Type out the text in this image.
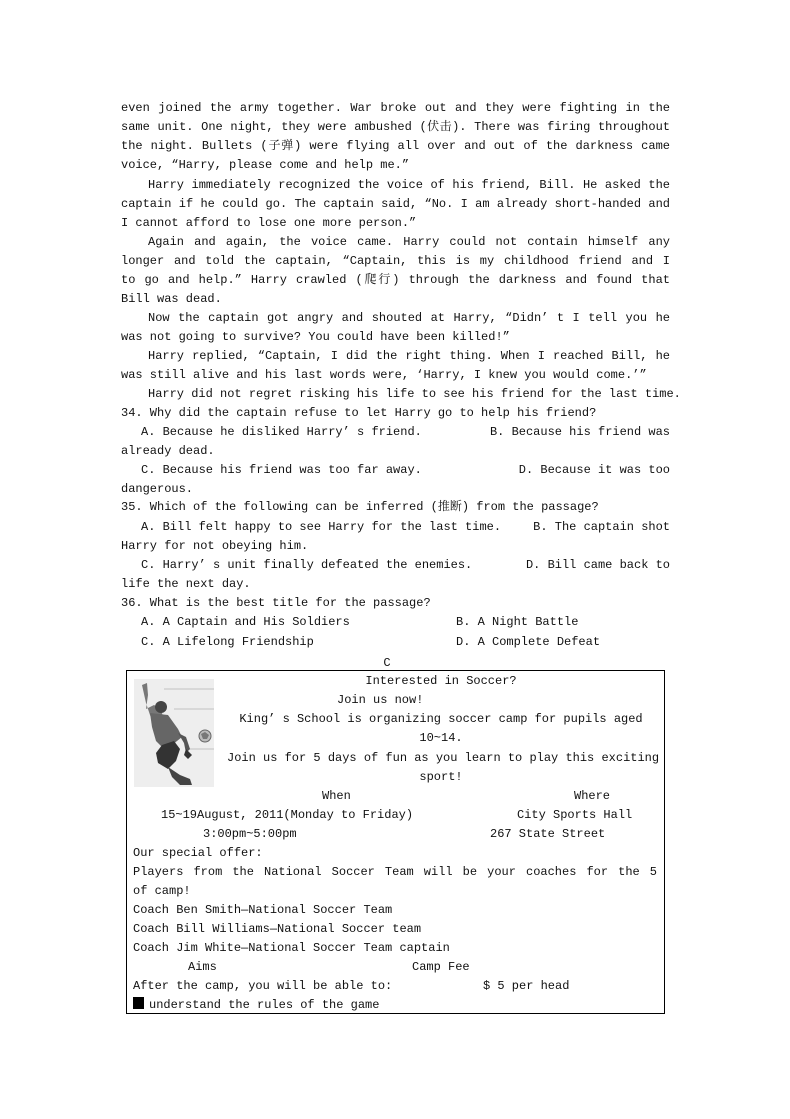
even joined the army together. War broke out and they were fighting in the
same unit. One night, they were ambushed (伏击). There was firing throughout
the night. Bullets (子弹) were flying all over and out of the darkness came
voice, “Harry, please come and help me.”
Harry immediately recognized the voice of his friend, Bill. He asked the
captain if he could go. The captain said, “No. I am already short-handed and
I cannot afford to lose one more person.”
Again and again, the voice came. Harry could not contain himself any
longer and told the captain, “Captain, this is my childhood friend and I
to go and help.” Harry crawled (爬行) through the darkness and found that
Bill was dead.
Now the captain got angry and shouted at Harry, “Didn’ t I tell you he
was not going to survive? You could have been killed!”
Harry replied, “Captain, I did the right thing. When I reached Bill, he
was still alive and his last words were, ‘Harry, I knew you would come.’”
Harry did not regret risking his life to see his friend for the last time.
34. Why did the captain refuse to let Harry go to help his friend?
A. Because he disliked Harry’ s friend.	B. Because his friend was
already dead.
C. Because his friend was too far away.	D. Because it was too
dangerous.
35. Which of the following can be inferred (推断) from the passage?
A. Bill felt happy to see Harry for the last time.	B. The captain shot
Harry for not obeying him.
C. Harry’ s unit finally defeated the enemies.	D. Bill came back to
life the next day.
36. What is the best title for the passage?
A. A Captain and His Soldiers	B. A Night Battle
C. A Lifelong Friendship	D. A Complete Defeat
C
Interested in Soccer?
Join us now!
King’ s School is organizing soccer camp for pupils aged
10~14.
Join us for 5 days of fun as you learn to play this exciting
sport!
When	Where
15~19August, 2011(Monday to Friday)	City Sports Hall
3:00pm~5:00pm	267 State Street
Our special offer:
Players from the National Soccer Team will be your coaches for the 5
of camp!
Coach Ben Smith—National Soccer Team
Coach Bill Williams—National Soccer team
Coach Jim White—National Soccer Team captain
Aims	Camp Fee
After the camp, you will be able to:	$ 5 per head
understand the rules of the game
